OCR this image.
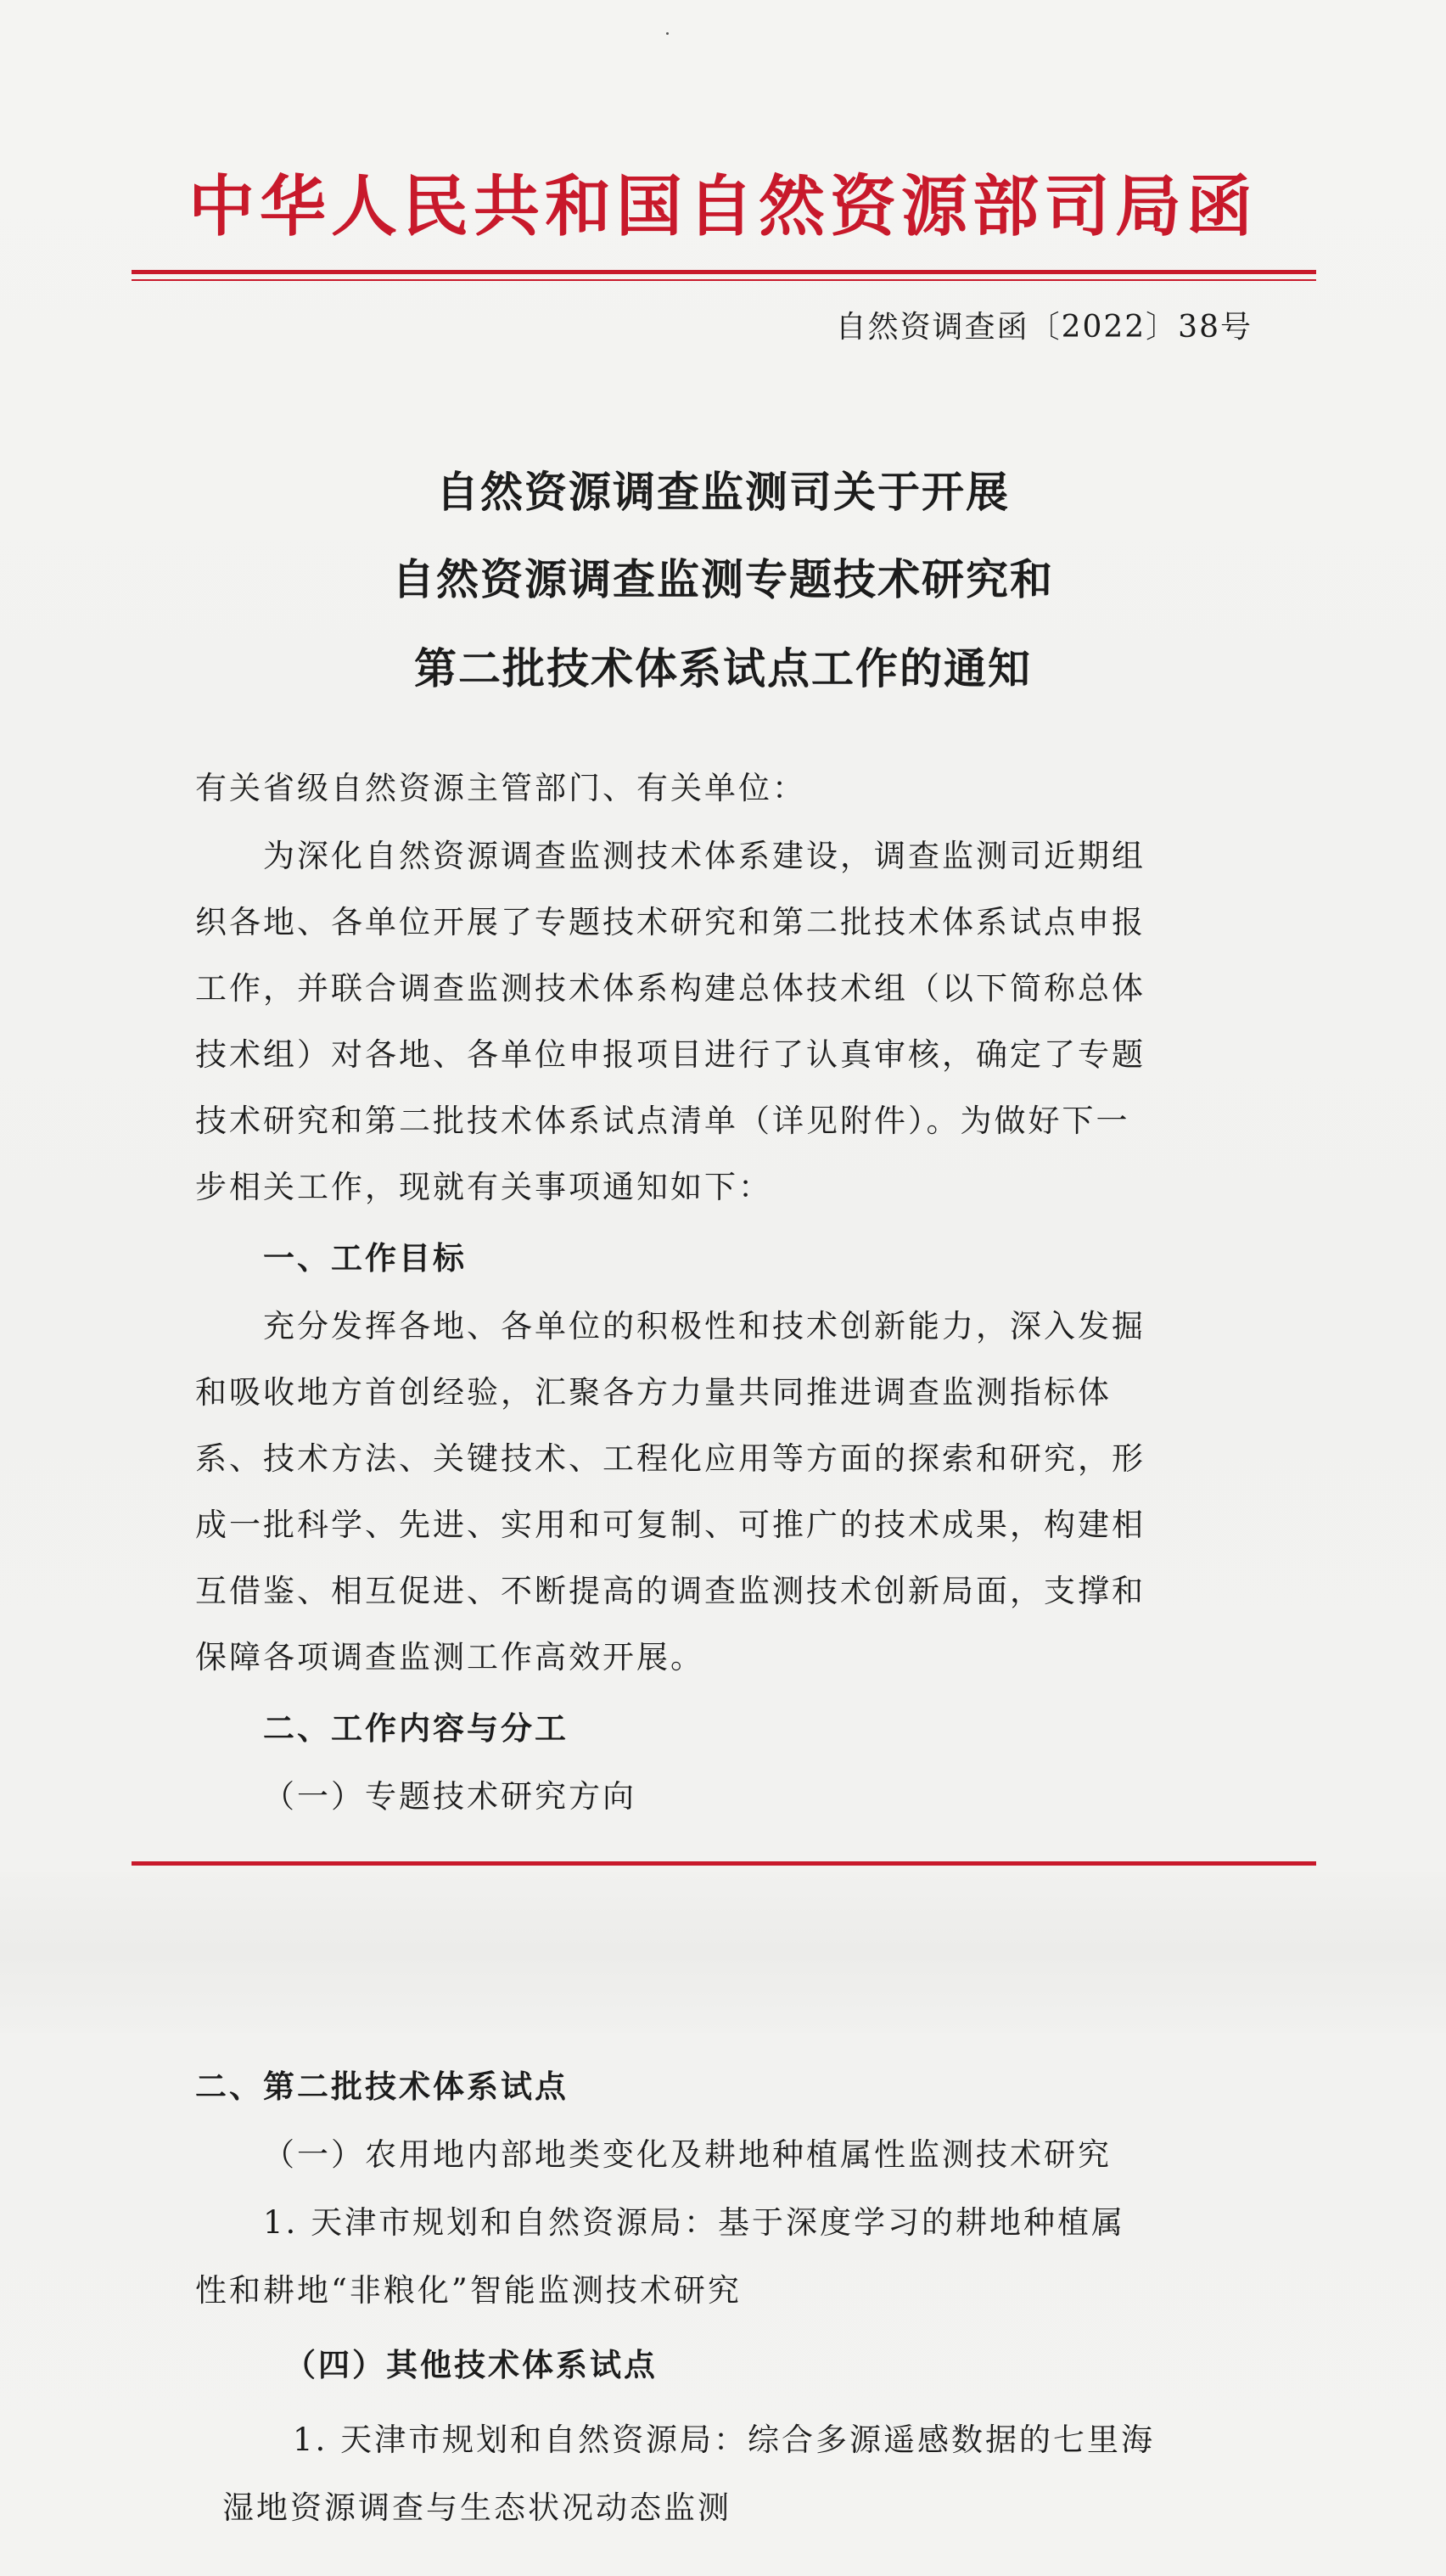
中华人民共和国自然资源部司局函
自然资调查函〔2022〕38号
自然资源调查监测司关于开展
自然资源调查监测专题技术研究和
第二批技术体系试点工作的通知
有关省级自然资源主管部门、有关单位：
为深化自然资源调查监测技术体系建设，调查监测司近期组
织各地、各单位开展了专题技术研究和第二批技术体系试点申报
工作，并联合调查监测技术体系构建总体技术组（以下简称总体
技术组）对各地、各单位申报项目进行了认真审核，确定了专题
技术研究和第二批技术体系试点清单（详见附件）。为做好下一
步相关工作，现就有关事项通知如下：
一、工作目标
充分发挥各地、各单位的积极性和技术创新能力，深入发掘
和吸收地方首创经验，汇聚各方力量共同推进调查监测指标体
系、技术方法、关键技术、工程化应用等方面的探索和研究，形
成一批科学、先进、实用和可复制、可推广的技术成果，构建相
互借鉴、相互促进、不断提高的调查监测技术创新局面，支撑和
保障各项调查监测工作高效开展。
二、工作内容与分工
（一）专题技术研究方向
二、第二批技术体系试点
（一）农用地内部地类变化及耕地种植属性监测技术研究
1. 天津市规划和自然资源局：基于深度学习的耕地种植属
性和耕地“非粮化”智能监测技术研究
（四）其他技术体系试点
1. 天津市规划和自然资源局：综合多源遥感数据的七里海
湿地资源调查与生态状况动态监测
